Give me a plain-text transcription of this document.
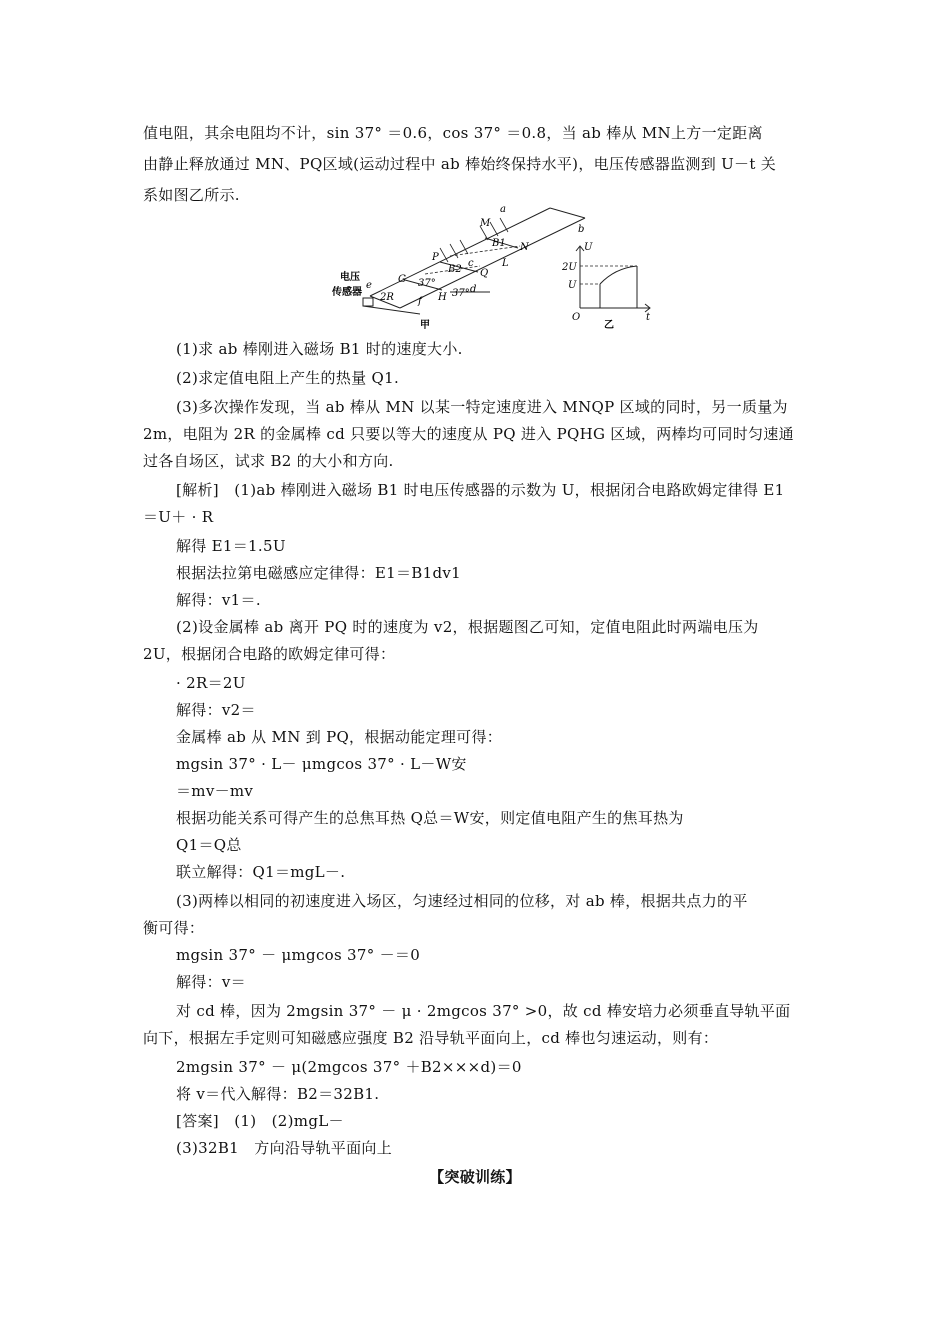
值电阻，其余电阻均不计，sin 37° ＝0.6，cos 37° ＝0.8，当 ab 棒从 MN上方一定距离
由静止释放通过 MN、PQ区域(运动过程中 ab 棒始终保持水平)，电压传感器监测到 U－t 关
系如图乙所示.
a
b
M
N
P
Q
B1
B2
L
G
H
e
f
c
d
2R
37°
37°
电压
传感器
甲
U
t
O
2U
U
乙
(1)求 ab 棒刚进入磁场 B1 时的速度大小.
(2)求定值电阻上产生的热量 Q1.
(3)多次操作发现，当 ab 棒从 MN 以某一特定速度进入 MNQP 区域的同时，另一质量为
2m，电阻为 2R 的金属棒 cd 只要以等大的速度从 PQ 进入 PQHG 区域，两棒均可同时匀速通
过各自场区，试求 B2 的大小和方向.
[解析]　(1)ab 棒刚进入磁场 B1 时电压传感器的示数为 U，根据闭合电路欧姆定律得 E1
＝U＋ · R
解得 E1＝1.5U
根据法拉第电磁感应定律得：E1＝B1dv1
解得：v1＝.
(2)设金属棒 ab 离开 PQ 时的速度为 v2，根据题图乙可知，定值电阻此时两端电压为
2U，根据闭合电路的欧姆定律可得：
· 2R＝2U
解得：v2＝
金属棒 ab 从 MN 到 PQ，根据动能定理可得：
mgsin 37° · L－ μmgcos 37° · L－W安
＝mv－mv
根据功能关系可得产生的总焦耳热 Q总＝W安，则定值电阻产生的焦耳热为
Q1＝Q总
联立解得：Q1＝mgL－.
(3)两棒以相同的初速度进入场区，匀速经过相同的位移，对 ab 棒，根据共点力的平
衡可得：
mgsin 37° － μmgcos 37° －＝0
解得：v＝
对 cd 棒，因为 2mgsin 37° － μ · 2mgcos 37° >0，故 cd 棒安培力必须垂直导轨平面
向下，根据左手定则可知磁感应强度 B2 沿导轨平面向上，cd 棒也匀速运动，则有：
2mgsin 37° － μ(2mgcos 37° ＋B2×××d)＝0
将 v＝代入解得：B2＝32B1.
[答案]　(1)　(2)mgL－
(3)32B1　方向沿导轨平面向上
【突破训练】
